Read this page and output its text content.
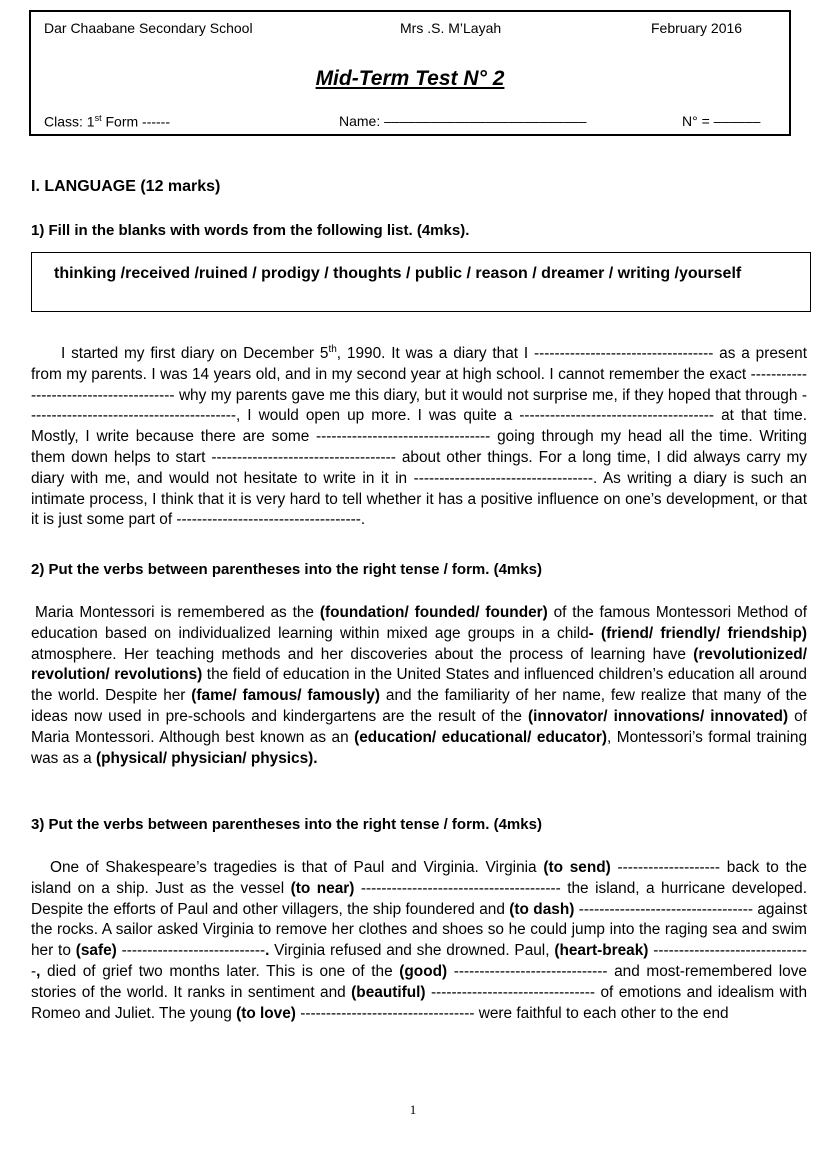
Dar Chaabane Secondary School	Mrs .S. M’Layah	February 2016
Mid-Term Test N° 2
Class: 1st Form ------	Name: ––––––––––––––––––––––––––	N° = ––––––
I. LANGUAGE (12 marks)
1) Fill in the blanks with words from the following list. (4mks).
thinking /received /ruined / prodigy / thoughts / public / reason / dreamer / writing /yourself
I started my first diary on December 5th, 1990. It was a diary that I ----------------------------------- as a present from my parents. I was 14 years old, and in my second year at high school. I cannot remember the exact --------------------------------------- why my parents gave me this diary, but it would not surprise me, if they hoped that through -----------------------------------------, I would open up more. I was quite a -------------------------------------- at that time. Mostly, I write because there are some ---------------------------------- going through my head all the time. Writing them down helps to start ------------------------------------ about other things. For a long time, I did always carry my diary with me, and would not hesitate to write in it in -----------------------------------. As writing a diary is such an intimate process, I think that it is very hard to tell whether it has a positive influence on one’s development, or that it is just some part of ------------------------------------.
2) Put the verbs between parentheses into the right tense / form. (4mks)
Maria Montessori is remembered as the (foundation/ founded/ founder) of the famous Montessori Method of education based on individualized learning within mixed age groups in a child- (friend/ friendly/ friendship) atmosphere. Her teaching methods and her discoveries about the process of learning have (revolutionized/ revolution/ revolutions) the field of education in the United States and influenced children’s education all around the world. Despite her (fame/ famous/ famously) and the familiarity of her name, few realize that many of the ideas now used in pre-schools and kindergartens are the result of the (innovator/ innovations/ innovated) of Maria Montessori. Although best known as an (education/ educational/ educator), Montessori’s formal training was as a (physical/ physician/ physics).
3) Put the verbs between parentheses into the right tense / form. (4mks)
One of Shakespeare’s tragedies is that of Paul and Virginia. Virginia (to send) -------------------- back to the island on a ship. Just as the vessel (to near) --------------------------------------- the island, a hurricane developed. Despite the efforts of Paul and other villagers, the ship foundered and (to dash) ---------------------------------- against the rocks. A sailor asked Virginia to remove her clothes and shoes so he could jump into the raging sea and swim her to (safe) ----------------------------. Virginia refused and she drowned. Paul, (heart-break) -------------------------------, died of grief two months later. This is one of the (good) ------------------------------ and most-remembered love stories of the world. It ranks in sentiment and (beautiful) -------------------------------- of emotions and idealism with Romeo and Juliet. The young (to love) ---------------------------------- were faithful to each other to the end
1
